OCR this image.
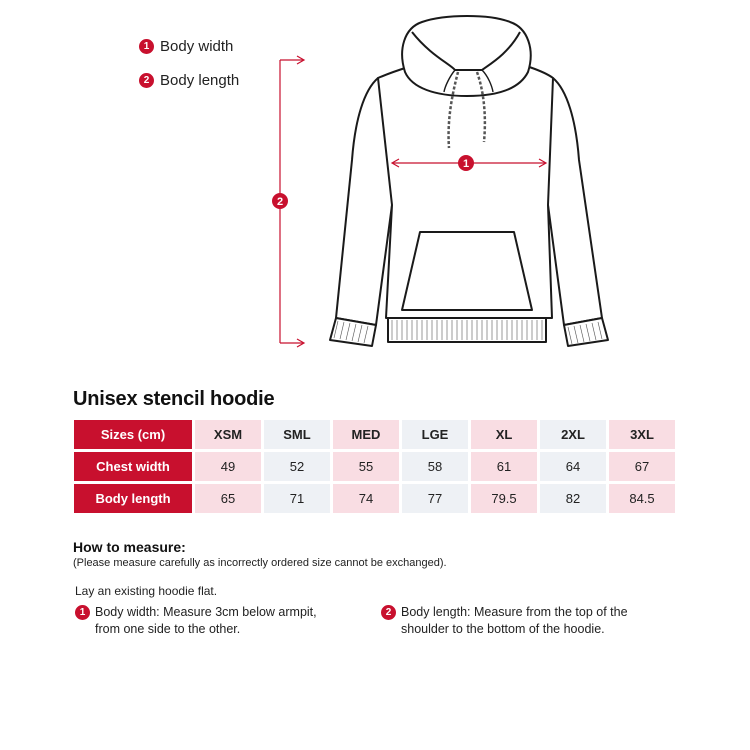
1 Body width
2 Body length
2
1
Unisex stencil hoodie
Sizes (cm)	XSM	SML	MED	LGE	XL	2XL	3XL
Chest width	49	52	55	58	61	64	67
Body length	65	71	74	77	79.5	82	84.5
How to measure:
(Please measure carefully as incorrectly ordered size cannot be exchanged).
Lay an existing hoodie flat.
1 Body width: Measure 3cm below armpit,
from one side to the other.
2 Body length: Measure from the top of the
shoulder to the bottom of the hoodie.
